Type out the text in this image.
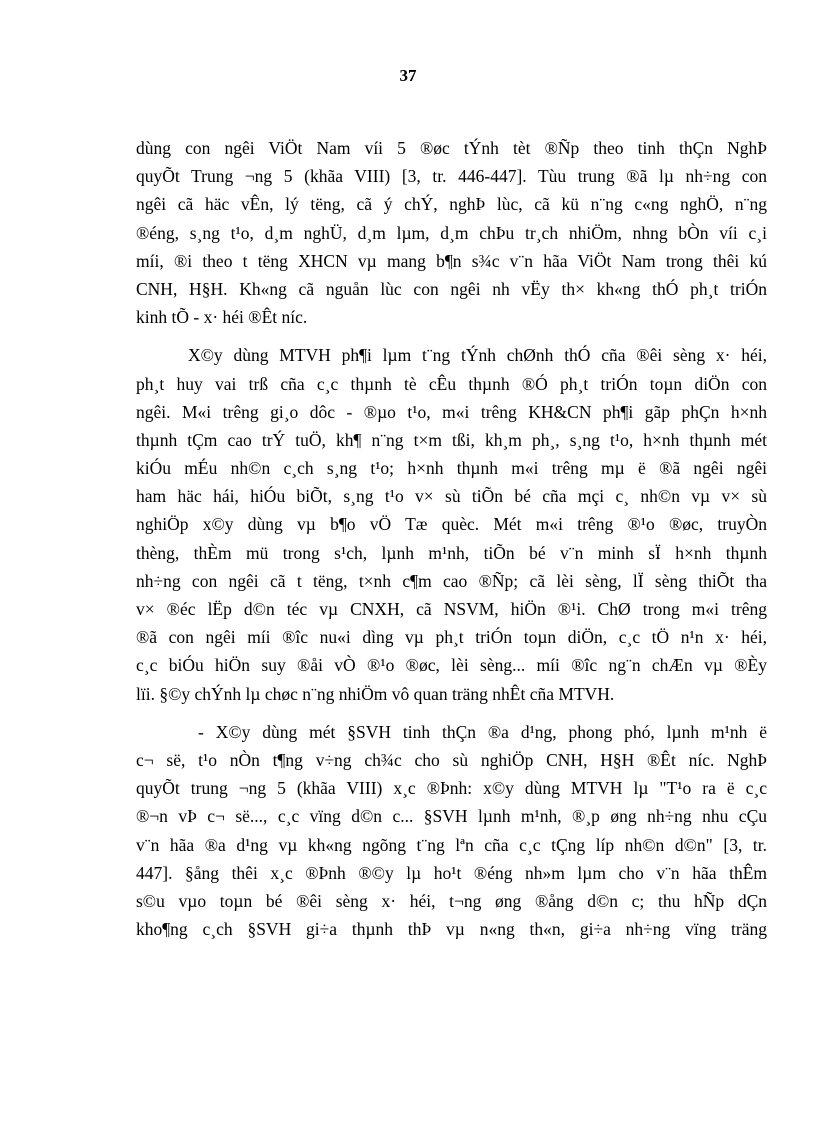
37
dùng con ngêi ViÖt Nam víi 5 ®øc tÝnh tèt ®Ñp theo tinh thÇn NghÞ
quyÕt Trung ¬ng 5 (khãa VIII) [3, tr. 446-447]. Tùu trung ®ã lµ nh÷ng con
ngêi cã häc vÊn, lý tëng, cã ý chÝ, nghÞ lùc, cã kü n¨ng c«ng nghÖ, n¨ng
®éng, s¸ng t¹o, d¸m nghÜ, d¸m lµm, d¸m chÞu tr¸ch nhiÖm, nhng bÒn víi c¸i
míi, ®i theo t tëng XHCN vµ mang b¶n s¾c v¨n hãa ViÖt Nam trong thêi kú
CNH, H§H. Kh«ng cã nguån lùc con ngêi nh vËy th× kh«ng thÓ ph¸t triÓn
kinh tÕ - x· héi ®Êt níc.
X©y dùng MTVH ph¶i lµm t¨ng tÝnh chØnh thÓ cña ®êi sèng x· héi,
ph¸t huy vai trß cña c¸c thµnh tè cÊu thµnh ®Ó ph¸t triÓn toµn diÖn con
ngêi. M«i trêng gi¸o dôc - ®µo t¹o, m«i trêng KH&CN ph¶i gãp phÇn h×nh
thµnh tÇm cao trÝ tuÖ, kh¶ n¨ng t×m tßi, kh¸m ph¸, s¸ng t¹o, h×nh thµnh mét
kiÓu mÉu nh©n c¸ch s¸ng t¹o; h×nh thµnh m«i trêng mµ ë ®ã ngêi ngêi
ham häc hái, hiÓu biÕt, s¸ng t¹o v× sù tiÕn bé cña mçi c¸ nh©n vµ v× sù
nghiÖp x©y dùng vµ b¶o vÖ Tæ quèc. Mét m«i trêng ®¹o ®øc, truyÒn
thèng, thÈm mü trong s¹ch, lµnh m¹nh, tiÕn bé v¨n minh sÏ h×nh thµnh
nh÷ng con ngêi cã t tëng, t×nh c¶m cao ®Ñp; cã lèi sèng, lÏ sèng thiÕt tha
v× ®éc lËp d©n téc vµ CNXH, cã NSVM, hiÖn ®¹i. ChØ trong m«i trêng
®ã con ngêi míi ®îc nu«i dìng vµ ph¸t triÓn toµn diÖn, c¸c tÖ n¹n x· héi,
c¸c biÓu hiÖn suy ®åi vÒ ®¹o ®øc, lèi sèng... míi ®îc ng¨n chÆn vµ ®Èy
lïi. §©y chÝnh lµ chøc n¨ng nhiÖm vô quan träng nhÊt cña MTVH.
- X©y dùng mét §SVH tinh thÇn ®a d¹ng, phong phó, lµnh m¹nh ë
c¬ së, t¹o nÒn t¶ng v÷ng ch¾c cho sù nghiÖp CNH, H§H ®Êt níc. NghÞ
quyÕt trung ¬ng 5 (khãa VIII) x¸c ®Þnh: x©y dùng MTVH lµ "T¹o ra ë c¸c
®¬n vÞ c¬ së..., c¸c vïng d©n c... §SVH lµnh m¹nh, ®¸p øng nh÷ng nhu cÇu
v¨n hãa ®a d¹ng vµ kh«ng ngõng t¨ng lªn cña c¸c tÇng líp nh©n d©n" [3, tr.
447]. §ång thêi x¸c ®Þnh ®©y lµ ho¹t ®éng nh»m lµm cho v¨n hãa thÊm
s©u vµo toµn bé ®êi sèng x· héi, t¬ng øng ®ång d©n c; thu hÑp dÇn
kho¶ng c¸ch §SVH gi÷a thµnh thÞ vµ n«ng th«n, gi÷a nh÷ng vïng träng
